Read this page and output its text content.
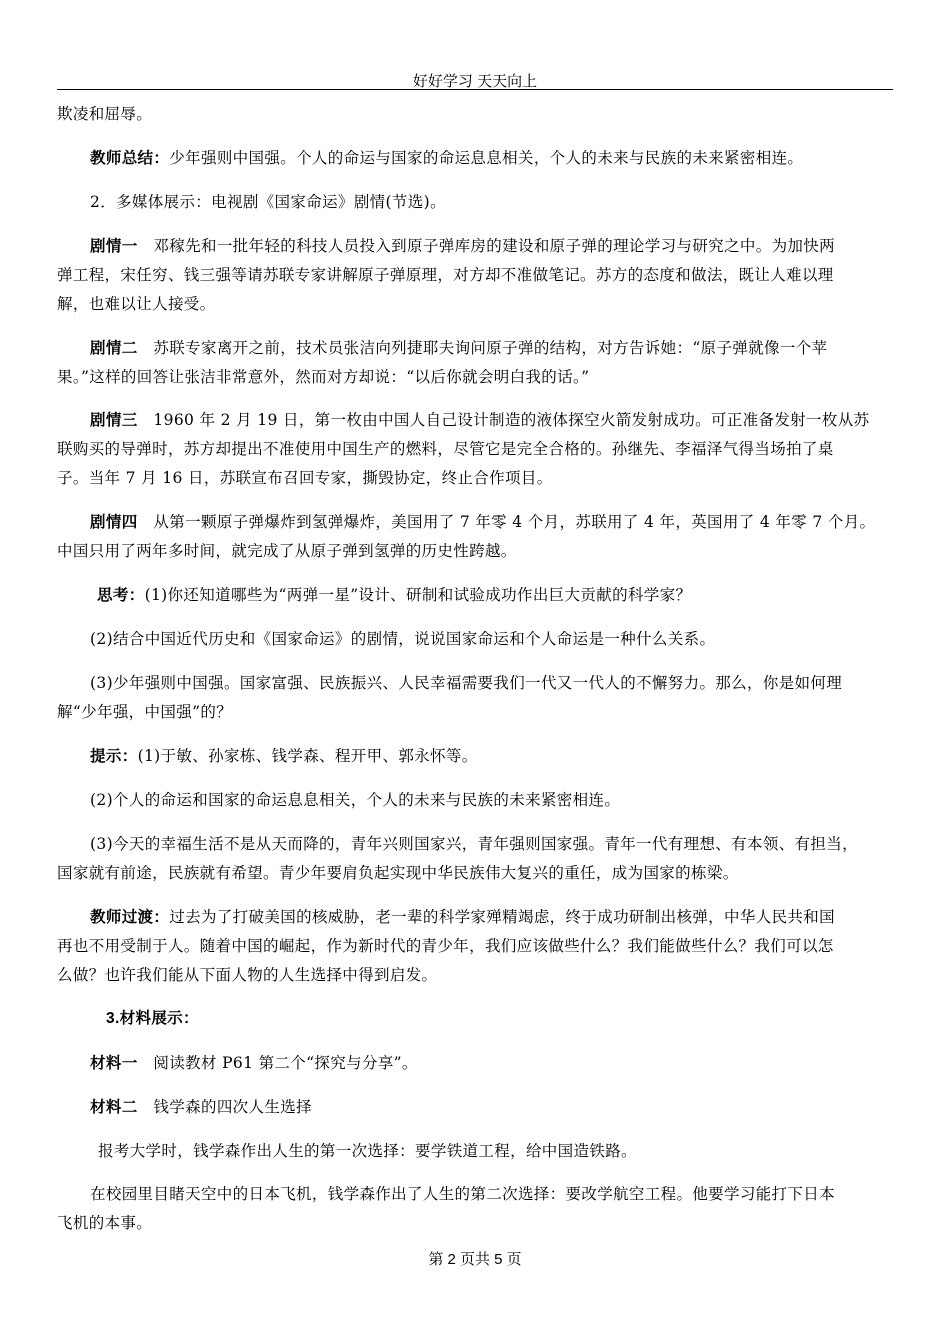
好好学习 天天向上
欺凌和屈辱。
教师总结：少年强则中国强。个人的命运与国家的命运息息相关，个人的未来与民族的未来紧密相连。
2．多媒体展示：电视剧《国家命运》剧情(节选)。
剧情一　邓稼先和一批年轻的科技人员投入到原子弹库房的建设和原子弹的理论学习与研究之中。为加快两
弹工程，宋任穷、钱三强等请苏联专家讲解原子弹原理，对方却不准做笔记。苏方的态度和做法，既让人难以理
解，也难以让人接受。
剧情二　苏联专家离开之前，技术员张洁向列捷耶夫询问原子弹的结构，对方告诉她：“原子弹就像一个苹
果。”这样的回答让张洁非常意外，然而对方却说：“以后你就会明白我的话。”
剧情三　1960 年 2 月 19 日，第一枚由中国人自己设计制造的液体探空火箭发射成功。可正准备发射一枚从苏
联购买的导弹时，苏方却提出不准使用中国生产的燃料，尽管它是完全合格的。孙继先、李福泽气得当场拍了桌
子。当年 7 月 16 日，苏联宣布召回专家，撕毁协定，终止合作项目。
剧情四　从第一颗原子弹爆炸到氢弹爆炸，美国用了 7 年零 4 个月，苏联用了 4 年，英国用了 4 年零 7 个月。
中国只用了两年多时间，就完成了从原子弹到氢弹的历史性跨越。
思考：(1)你还知道哪些为“两弹一星”设计、研制和试验成功作出巨大贡献的科学家？
(2)结合中国近代历史和《国家命运》的剧情，说说国家命运和个人命运是一种什么关系。
(3)少年强则中国强。国家富强、民族振兴、人民幸福需要我们一代又一代人的不懈努力。那么，你是如何理
解“少年强，中国强”的？
提示：(1)于敏、孙家栋、钱学森、程开甲、郭永怀等。
(2)个人的命运和国家的命运息息相关，个人的未来与民族的未来紧密相连。
(3)今天的幸福生活不是从天而降的，青年兴则国家兴，青年强则国家强。青年一代有理想、有本领、有担当，
国家就有前途，民族就有希望。青少年要肩负起实现中华民族伟大复兴的重任，成为国家的栋梁。
教师过渡：过去为了打破美国的核威胁，老一辈的科学家殚精竭虑，终于成功研制出核弹，中华人民共和国
再也不用受制于人。随着中国的崛起，作为新时代的青少年，我们应该做些什么？我们能做些什么？我们可以怎
么做？也许我们能从下面人物的人生选择中得到启发。
3.材料展示：
材料一　阅读教材 P61 第二个“探究与分享”。
材料二　钱学森的四次人生选择
报考大学时，钱学森作出人生的第一次选择：要学铁道工程，给中国造铁路。
在校园里目睹天空中的日本飞机，钱学森作出了人生的第二次选择：要改学航空工程。他要学习能打下日本
飞机的本事。
第 2 页共 5 页
